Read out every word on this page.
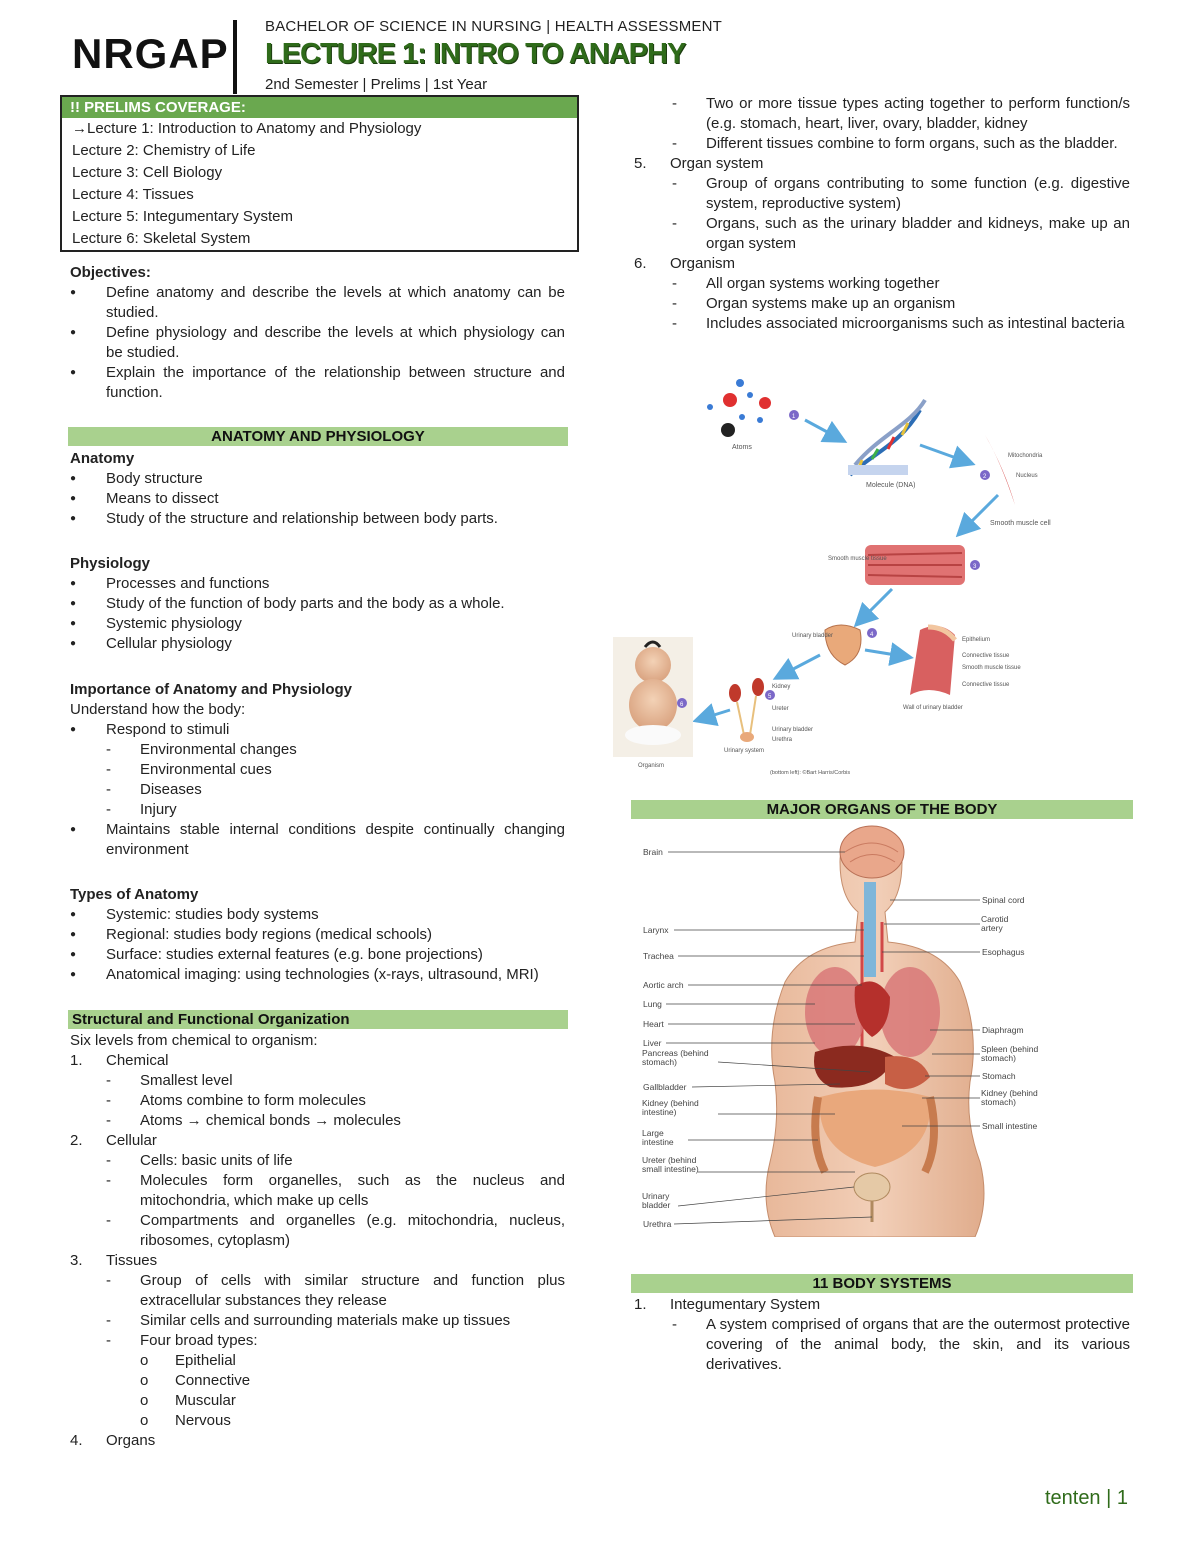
NRGAP
BACHELOR OF SCIENCE IN NURSING | HEALTH ASSESSMENT
LECTURE 1: INTRO TO ANAPHY
2nd Semester | Prelims | 1st Year
!! PRELIMS COVERAGE:
→Lecture 1: Introduction to Anatomy and Physiology
Lecture 2: Chemistry of Life
Lecture 3: Cell Biology
Lecture 4: Tissues
Lecture 5: Integumentary System
Lecture 6: Skeletal System
Objectives:
● Define anatomy and describe the levels at which anatomy can be studied.
● Define physiology and describe the levels at which physiology can be studied.
● Explain the importance of the relationship between structure and function.
ANATOMY AND PHYSIOLOGY
Anatomy
● Body structure
● Means to dissect
● Study of the structure and relationship between body parts.
Physiology
● Processes and functions
● Study of the function of body parts and the body as a whole.
● Systemic physiology
● Cellular physiology
Importance of Anatomy and Physiology
Understand how the body:
● Respond to stimuli
- Environmental changes
- Environmental cues
- Diseases
- Injury
● Maintains stable internal conditions despite continually changing environment
Types of Anatomy
● Systemic: studies body systems
● Regional: studies body regions (medical schools)
● Surface: studies external features (e.g. bone projections)
● Anatomical imaging: using technologies (x-rays, ultrasound, MRI)
Structural and Functional Organization
Six levels from chemical to organism:
1. Chemical
- Smallest level
- Atoms combine to form molecules
- Atoms → chemical bonds → molecules
2. Cellular
- Cells: basic units of life
- Molecules form organelles, such as the nucleus and mitochondria, which make up cells
- Compartments and organelles (e.g. mitochondria, nucleus, ribosomes, cytoplasm)
3. Tissues
- Group of cells with similar structure and function plus extracellular substances they release
- Similar cells and surrounding materials make up tissues
- Four broad types:
o Epithelial
o Connective
o Muscular
o Nervous
4. Organs
- Two or more tissue types acting together to perform function/s (e.g. stomach, heart, liver, ovary, bladder, kidney
- Different tissues combine to form organs, such as the bladder.
5. Organ system
- Group of organs contributing to some function (e.g. digestive system, reproductive system)
- Organs, such as the urinary bladder and kidneys, make up an organ system
6. Organism
- All organ systems working together
- Organ systems make up an organism
- Includes associated microorganisms such as intestinal bacteria
Atoms
1
Molecule (DNA)
2
Mitochondria
Nucleus
Smooth muscle cell
Smooth muscle tissue
3
Urinary bladder	4
Epithelium
Connective tissue
Smooth muscle tissue
Connective tissue
Wall of urinary bladder
5
Kidney
Ureter
Urinary bladder
Urethra
Urinary system
6
Organism
(bottom left): ©Bart Harris/Corbis
MAJOR ORGANS OF THE BODY
Brain
Larynx
Trachea
Aortic arch
Lung
Heart
Liver
Pancreas (behind stomach)
Gallbladder
Kidney (behind intestine)
Large intestine
Ureter (behind small intestine)
Urinary bladder
Urethra
Spinal cord
Carotid artery
Esophagus
Diaphragm
Spleen (behind stomach)
Stomach
Kidney (behind stomach)
Small intestine
11 BODY SYSTEMS
1. Integumentary System
- A system comprised of organs that are the outermost protective covering of the animal body, the skin, and its various derivatives.
tenten | 1
